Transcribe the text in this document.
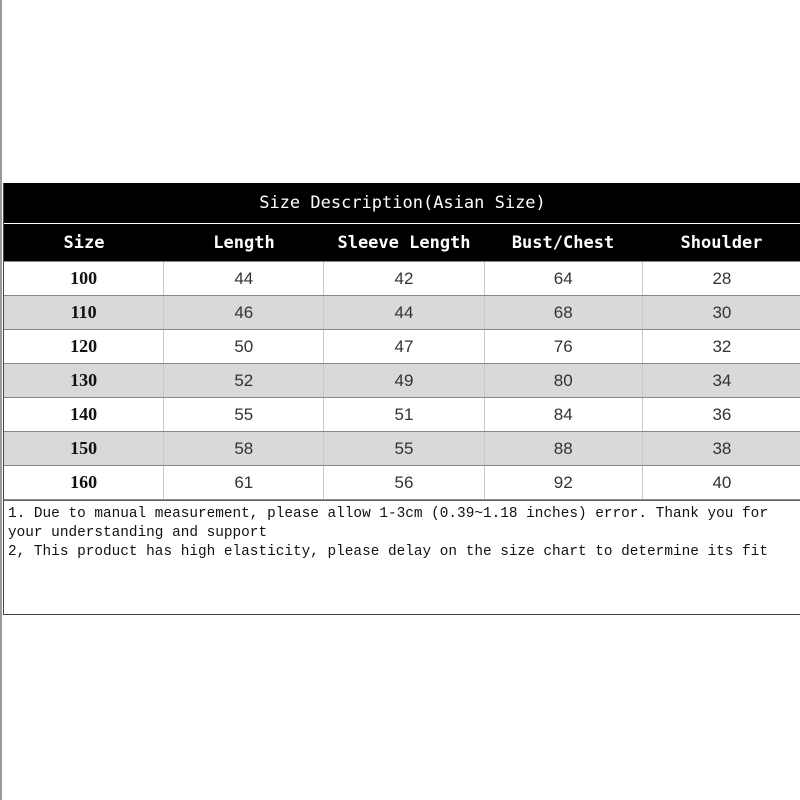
Size Description(Asian Size)
Size	Length	Sleeve Length	Bust/Chest	Shoulder
100	44	42	64	28
110	46	44	68	30
120	50	47	76	32
130	52	49	80	34
140	55	51	84	36
150	58	55	88	38
160	61	56	92	40

1. Due to manual measurement, please allow 1-3cm (0.39~1.18 inches) error. Thank you for your understanding and support

2, This product has high elasticity, please delay on the size chart to determine its fit
